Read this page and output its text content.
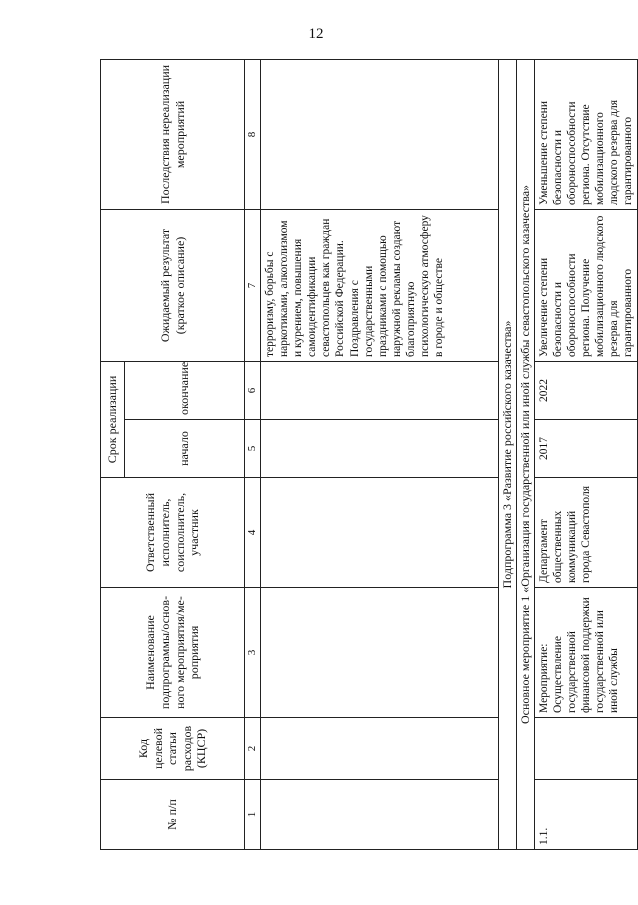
12
№ п/п	Код целевой статьи расходов (КЦСР)	Наименование подпрограммы/основ-ного мероприятия/ме-роприятия	Ответственный исполнитель, соисполнитель, участник	Срок реализации		Ожидаемый результат (краткое описание)	Последствия нереализации мероприятий
				начало	окончание		
1	2	3	4	5	6	7	8
						терроризму, борьбы с наркотиками, алкоголизмом и курением, повышения самоидентификации севастопольцев как граждан Российской Федерации. Поздравления с государственными праздниками с помощью наружной рекламы создают благоприятную психологическую атмосферу в городе и обществе	
Подпрограмма 3 «Развитие российского казачества»							
Основное мероприятие 1 «Организация государственной или иной службы севастопольского казачества»							
1.1.		Мероприятие: Осуществление государственной финансовой поддержки государственной или иной службы	Департамент общественных коммуникаций города Севастополя	2017	2022	Увеличение степени безопасности и обороноспособности региона. Получение мобилизационного людского резерва для гарантированного	Уменьшение степени безопасности и обороноспособности региона. Отсутствие мобилизационного людского резерва для гарантированного
